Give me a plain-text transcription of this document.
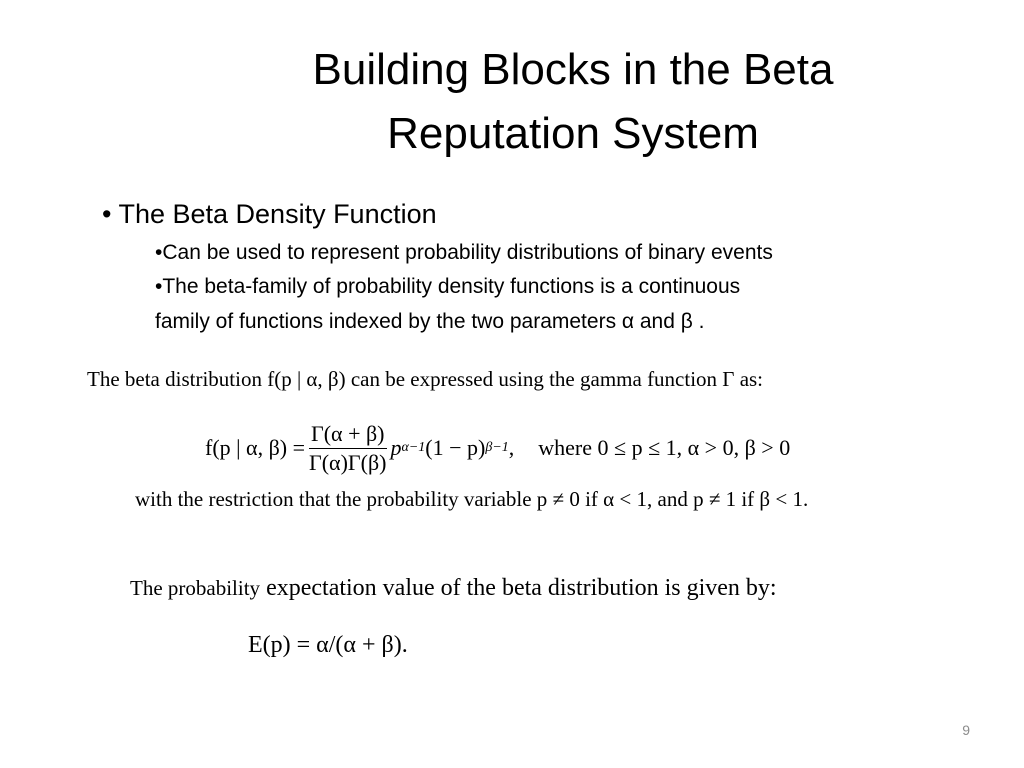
Building Blocks in the Beta
Reputation System
• The Beta Density Function
•Can be used to represent probability distributions of binary events
•The beta-family of probability density functions is a continuous
family of functions indexed by the two parameters α and β .
The beta distribution f(p | α, β) can be expressed using the gamma function Γ as:
f(p | α, $\beta) = \frac{\Gamma(\alpha + \beta)}{\Gamma(\alpha)\Gamma(\beta)}$ p α−1 (1 − p) β−1 , where 0 ≤ p ≤ 1, α > 0, β > 0
with the restriction that the probability variable p ≠ 0 if α < 1, and p ≠ 1 if β < 1.
The probability expectation value of the beta distribution is given by:
E(p) = α/(α + β).
9
